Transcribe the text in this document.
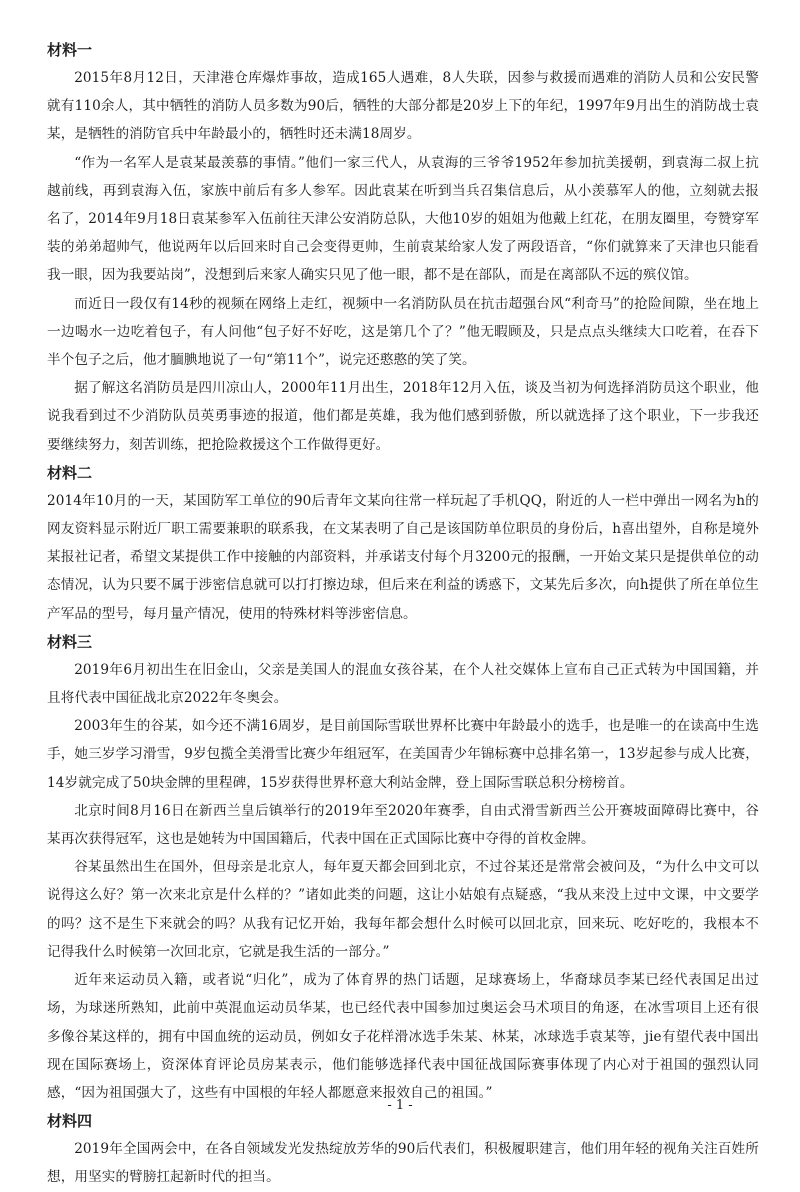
材料一

2015年8月12日，天津港仓库爆炸事故，造成165人遇难，8人失联，因参与救援而遇难的消防人员和公安民警就有110余人，其中牺牲的消防人员多数为90后，牺牲的大部分都是20岁上下的年纪，1997年9月出生的消防战士袁某，是牺牲的消防官兵中年龄最小的，牺牲时还未满18周岁。

“作为一名军人是袁某最羡慕的事情。”他们一家三代人，从袁海的三爷爷1952年参加抗美援朝，到袁海二叔上抗越前线，再到袁海入伍，家族中前后有多人参军。因此袁某在听到当兵召集信息后，从小羡慕军人的他，立刻就去报名了，2014年9月18日袁某参军入伍前往天津公安消防总队，大他10岁的姐姐为他戴上红花，在朋友圈里，夸赞穿军装的弟弟超帅气，他说两年以后回来时自己会变得更帅，生前袁某给家人发了两段语音，“你们就算来了天津也只能看我一眼，因为我要站岗”，没想到后来家人确实只见了他一眼，都不是在部队，而是在离部队不远的殡仪馆。

而近日一段仅有14秒的视频在网络上走红，视频中一名消防队员在抗击超强台风“利奇马”的抢险间隙，坐在地上一边喝水一边吃着包子，有人问他“包子好不好吃，这是第几个了？”他无暇顾及，只是点点头继续大口吃着，在吞下半个包子之后，他才腼腆地说了一句“第11个”，说完还憨憨的笑了笑。

据了解这名消防员是四川凉山人，2000年11月出生，2018年12月入伍，谈及当初为何选择消防员这个职业，他说我看到过不少消防队员英勇事迹的报道，他们都是英雄，我为他们感到骄傲，所以就选择了这个职业，下一步我还要继续努力，刻苦训练，把抢险救援这个工作做得更好。

材料二

2014年10月的一天，某国防军工单位的90后青年文某向往常一样玩起了手机QQ，附近的人一栏中弹出一网名为h的网友资料显示附近厂职工需要兼职的联系我，在文某表明了自己是该国防单位职员的身份后，h喜出望外，自称是境外某报社记者，希望文某提供工作中接触的内部资料，并承诺支付每个月3200元的报酬，一开始文某只是提供单位的动态情况，认为只要不属于涉密信息就可以打打擦边球，但后来在利益的诱惑下，文某先后多次，向h提供了所在单位生产军品的型号，每月量产情况，使用的特殊材料等涉密信息。

材料三

2019年6月初出生在旧金山，父亲是美国人的混血女孩谷某，在个人社交媒体上宣布自己正式转为中国国籍，并且将代表中国征战北京2022年冬奥会。

2003年生的谷某，如今还不满16周岁，是目前国际雪联世界杯比赛中年龄最小的选手，也是唯一的在读高中生选手，她三岁学习滑雪，9岁包揽全美滑雪比赛少年组冠军，在美国青少年锦标赛中总排名第一，13岁起参与成人比赛，14岁就完成了50块金牌的里程碑，15岁获得世界杯意大利站金牌，登上国际雪联总积分榜榜首。

北京时间8月16日在新西兰皇后镇举行的2019年至2020年赛季，自由式滑雪新西兰公开赛坡面障碍比赛中，谷某再次获得冠军，这也是她转为中国国籍后，代表中国在正式国际比赛中夺得的首枚金牌。

谷某虽然出生在国外，但母亲是北京人，每年夏天都会回到北京，不过谷某还是常常会被问及，“为什么中文可以说得这么好？第一次来北京是什么样的？”诸如此类的问题，这让小姑娘有点疑惑，“我从来没上过中文课，中文要学的吗？这不是生下来就会的吗？从我有记忆开始，我每年都会想什么时候可以回北京，回来玩、吃好吃的，我根本不记得我什么时候第一次回北京，它就是我生活的一部分。”

近年来运动员入籍，或者说“归化”，成为了体育界的热门话题，足球赛场上，华裔球员李某已经代表国足出过场，为球迷所熟知，此前中英混血运动员华某，也已经代表中国参加过奥运会马术项目的角逐，在冰雪项目上还有很多像谷某这样的，拥有中国血统的运动员，例如女子花样滑冰选手朱某、林某，冰球选手袁某等，jie有望代表中国出现在国际赛场上，资深体育评论员房某表示，他们能够选择代表中国征战国际赛事体现了内心对于祖国的强烈认同感，“因为祖国强大了，这些有中国根的年轻人都愿意来报效自己的祖国。”

材料四

2019年全国两会中，在各自领域发光发热绽放芳华的90后代表们，积极履职建言，他们用年轻的视角关注百姓所想，用坚实的臂膀扛起新时代的担当。

- 1 -
